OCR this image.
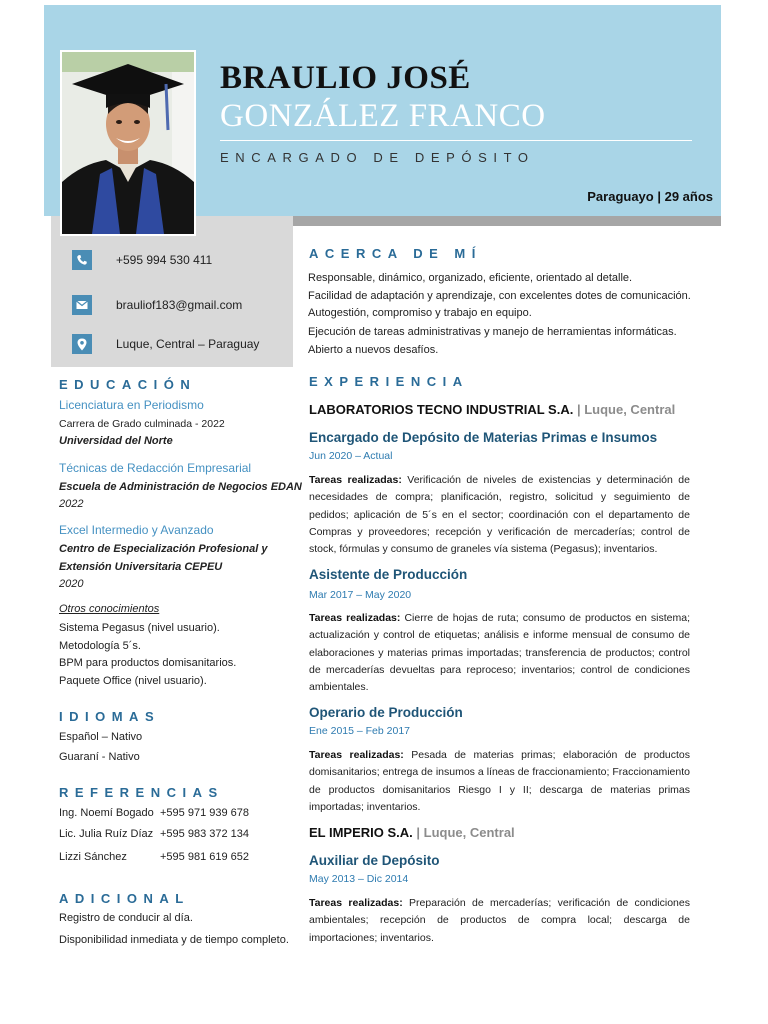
BRAULIO JOSÉ
GONZÁLEZ FRANCO
ENCARGADO DE DEPÓSITO
Paraguayo | 29 años
+595 994 530 411
brauliof183@gmail.com
Luque, Central – Paraguay
EDUCACIÓN
Licenciatura en Periodismo
Carrera de Grado culminada - 2022
Universidad del Norte
Técnicas de Redacción Empresarial
Escuela de Administración de Negocios EDAN
2022
Excel Intermedio y Avanzado
Centro de Especialización Profesional y
Extensión Universitaria CEPEU
2020
Otros conocimientos
Sistema Pegasus (nivel usuario).
Metodología 5´s.
BPM para productos domisanitarios.
Paquete Office (nivel usuario).
IDIOMAS
Español – Nativo
Guaraní - Nativo
REFERENCIAS
Ing. Noemí Bogado +595 971 939 678
Lic. Julia Ruíz Díaz +595 983 372 134
Lizzi Sánchez	+595 981 619 652
ADICIONAL
Registro de conducir al día.
Disponibilidad inmediata y de tiempo completo.
ACERCA DE MÍ
Responsable, dinámico, organizado, eficiente, orientado al detalle.
Facilidad de adaptación y aprendizaje, con excelentes dotes de comunicación.
Autogestión, compromiso y trabajo en equipo.
Ejecución de tareas administrativas y manejo de herramientas informáticas.
Abierto a nuevos desafíos.
EXPERIENCIA
LABORATORIOS TECNO INDUSTRIAL S.A. | Luque, Central
Encargado de Depósito de Materias Primas e Insumos
Jun 2020 – Actual
Tareas realizadas: Verificación de niveles de existencias y determinación de necesidades de compra; planificación, registro, solicitud y seguimiento de pedidos; aplicación de 5´s en el sector; coordinación con el departamento de Compras y proveedores; recepción y verificación de mercaderías; control de stock, fórmulas y consumo de graneles vía sistema (Pegasus); inventarios.
Asistente de Producción
Mar 2017 – May 2020
Tareas realizadas: Cierre de hojas de ruta; consumo de productos en sistema; actualización y control de etiquetas; análisis e informe mensual de consumo de elaboraciones y materias primas importadas; transferencia de productos; control de mercaderías devueltas para reproceso; inventarios; control de condiciones ambientales.
Operario de Producción
Ene 2015 – Feb 2017
Tareas realizadas: Pesada de materias primas; elaboración de productos domisanitarios; entrega de insumos a líneas de fraccionamiento; Fraccionamiento de productos domisanitarios Riesgo I y II; descarga de materias primas importadas; inventarios.
EL IMPERIO S.A. | Luque, Central
Auxiliar de Depósito
May 2013 – Dic 2014
Tareas realizadas: Preparación de mercaderías; verificación de condiciones ambientales; recepción de productos de compra local; descarga de importaciones; inventarios.
